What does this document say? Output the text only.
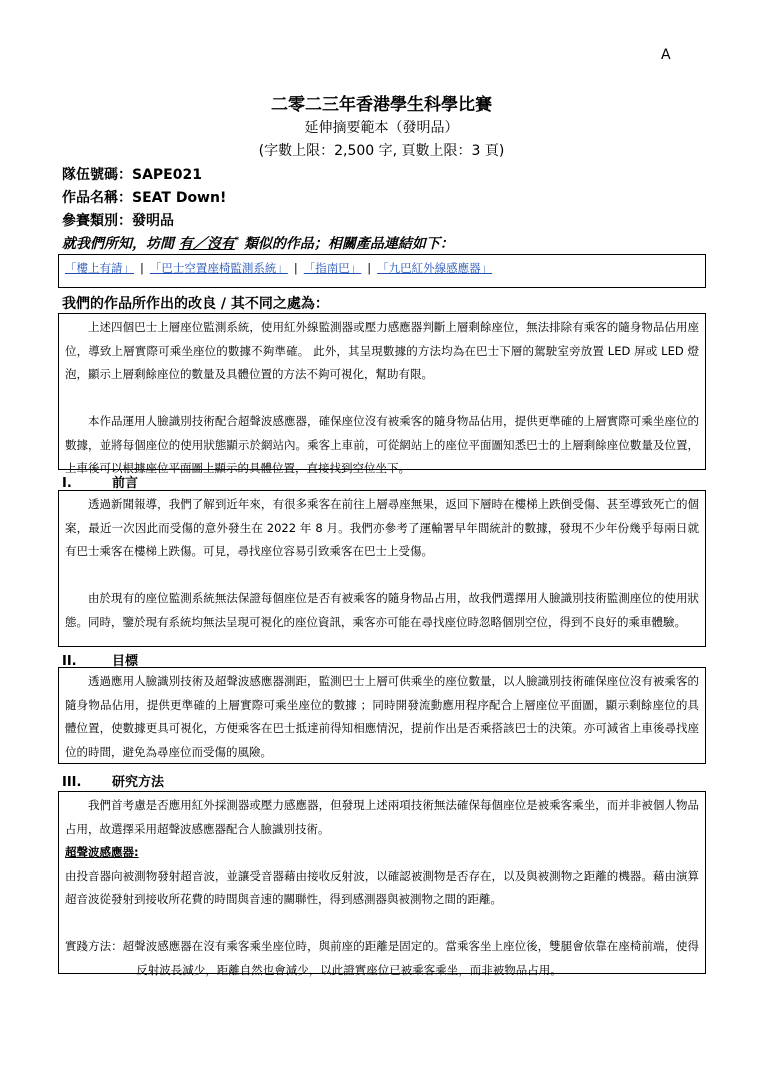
A
二零二三年香港學生科學比賽
延伸摘要範本（發明品）
(字數上限：2,500 字, 頁數上限：3 頁)
隊伍號碼：SAPE021
作品名稱：SEAT Down!
參賽類別：發明品
就我們所知，坊間 有／沒有* 類似的作品；相關產品連結如下：
「樓上有請」 | 「巴士空置座椅監測系統」 | 「指南巴」 | 「九巴紅外線感應器」
我們的作品所作出的改良 / 其不同之處為：

上述四個巴士上層座位監測系統，使用紅外線監測器或壓力感應器判斷上層剩餘座位，無法排除有乘客的隨身物品佔用座位，導致上層實際可乘坐座位的數據不夠準確。 此外，其呈現數據的方法均為在巴士下層的駕駛室旁放置 LED 屏或 LED 燈泡，顯示上層剩餘座位的數量及具體位置的方法不夠可視化，幫助有限。

本作品運用人臉識別技術配合超聲波感應器，確保座位沒有被乘客的隨身物品佔用，提供更準確的上層實際可乘坐座位的數據，並將每個座位的使用狀態顯示於網站內。乘客上車前，可從網站上的座位平面圖知悉巴士的上層剩餘座位數量及位置，上車後可以根據座位平面圖上顯示的具體位置，直接找到空位坐下。

I.	前言

透過新聞報導，我們了解到近年來，有很多乘客在前往上層尋座無果，返回下層時在樓梯上跌倒受傷、甚至導致死亡的個案，最近一次因此而受傷的意外發生在 2022 年 8 月。我們亦參考了運輸署早年間統計的數據，發現不少年份幾乎每兩日就有巴士乘客在樓梯上跌傷。可見，尋找座位容易引致乘客在巴士上受傷。

由於現有的座位監測系統無法保證每個座位是否有被乘客的隨身物品占用，故我們選擇用人臉識別技術監測座位的使用狀態。同時，鑒於現有系統均無法呈現可視化的座位資訊，乘客亦可能在尋找座位時忽略個別空位，得到不良好的乘車體驗。

II.	目標

透過應用人臉識別技術及超聲波感應器測距，監測巴士上層可供乘坐的座位數量，以人臉識別技術確保座位沒有被乘客的隨身物品佔用，提供更準確的上層實際可乘坐座位的數據 ；同時開發流動應用程序配合上層座位平面圖，顯示剩餘座位的具體位置，使數據更具可視化，方便乘客在巴士抵達前得知相應情況，提前作出是否乘搭該巴士的決策。亦可減省上車後尋找座位的時間，避免為尋座位而受傷的風險。

III. 研究方法

我們首考慮是否應用紅外採測器或壓力感應器，但發現上述兩項技術無法確保每個座位是被乘客乘坐，而并非被個人物品占用，故選擇采用超聲波感應器配合人臉識別技術。

超聲波感應器:

由投音器向被測物發射超音波，並讓受音器藉由接收反射波，以確認被測物是否存在，以及與被測物之距離的機器。藉由演算超音波從發射到接收所花費的時間與音速的關聯性，得到感測器與被測物之間的距離。

實踐方法：超聲波感應器在沒有乘客乘坐座位時，與前座的距離是固定的。當乘客坐上座位後，雙腿會依靠在座椅前端，使得反射波長減少，距離自然也會減少，以此證實座位已被乘客乘坐，而非被物品占用。
